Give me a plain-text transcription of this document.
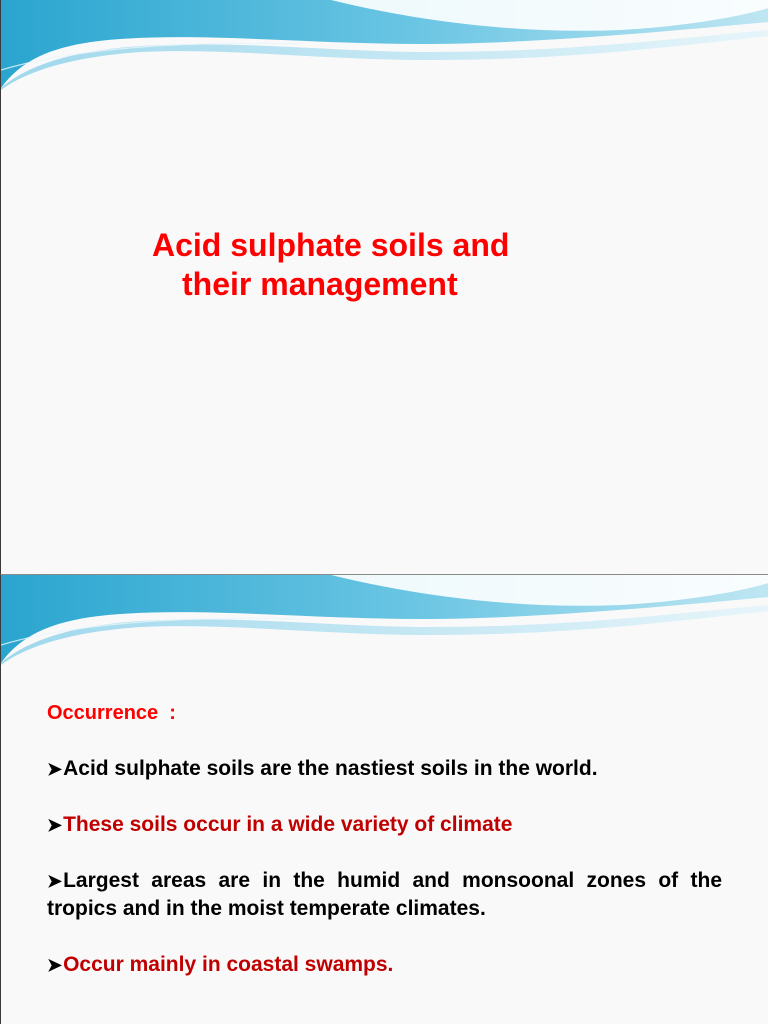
Acid sulphate soils and
their management
Occurrence  :
➤Acid sulphate soils are the nastiest soils in the world.
➤These soils occur in a wide variety of climate
➤Largest areas are in the humid and monsoonal zones of the tropics and in the moist temperate climates.
➤Occur mainly in coastal swamps.
